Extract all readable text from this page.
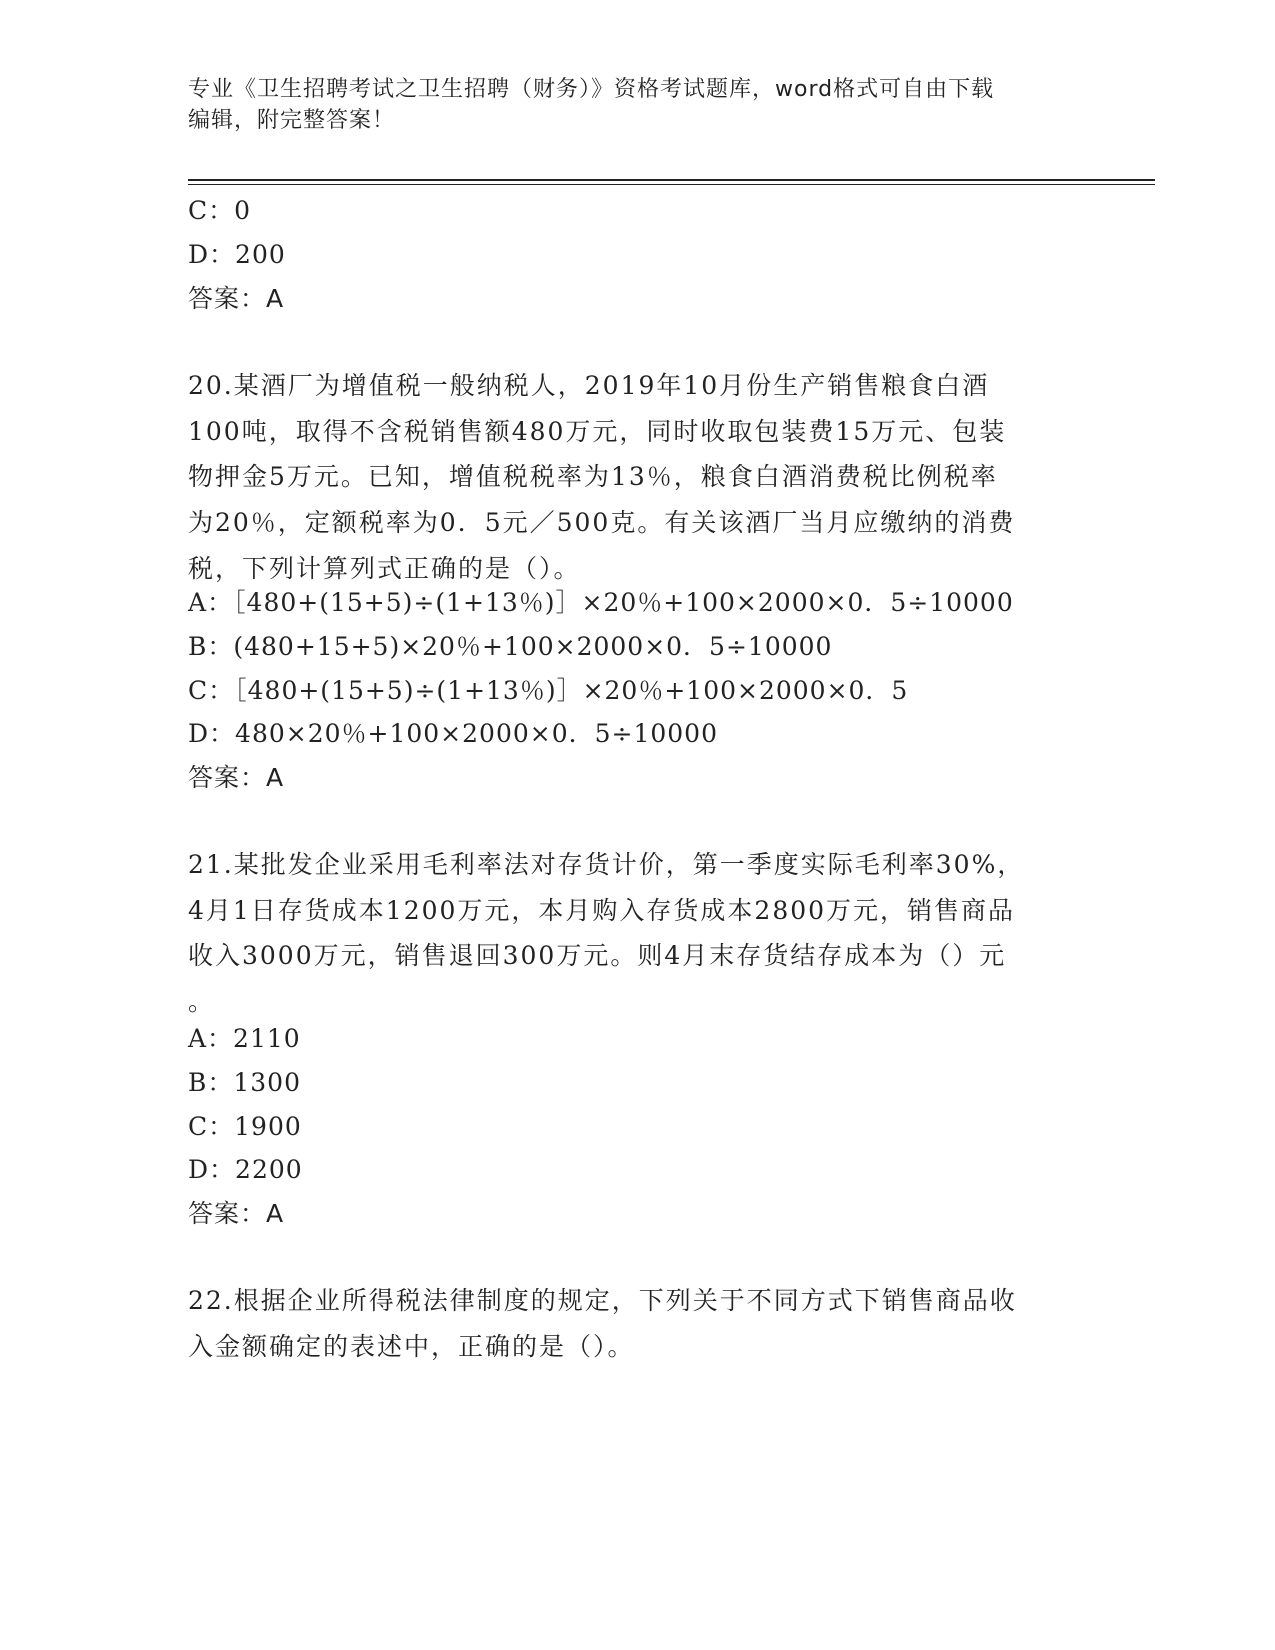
专业《卫生招聘考试之卫生招聘（财务）》资格考试题库，word格式可自由下载
编辑，附完整答案！
C：0
D：200
答案：A
20.某酒厂为增值税一般纳税人，2019年10月份生产销售粮食白酒
100吨，取得不含税销售额480万元，同时收取包装费15万元、包装
物押金5万元。已知，增值税税率为13％，粮食白酒消费税比例税率
为20％，定额税率为0．5元／500克。有关该酒厂当月应缴纳的消费
税，下列计算列式正确的是（）。
A：［480+(15+5)÷(1+13％)］×20％+100×2000×0．5÷10000
B：(480+15+5)×20％+100×2000×0．5÷10000
C：［480+(15+5)÷(1+13％)］×20％+100×2000×0．5
D：480×20％+100×2000×0．5÷10000
答案：A
21.某批发企业采用毛利率法对存货计价，第一季度实际毛利率30%，
4月1日存货成本1200万元，本月购入存货成本2800万元，销售商品
收入3000万元，销售退回300万元。则4月末存货结存成本为（）元
。
A：2110
B：1300
C：1900
D：2200
答案：A
22.根据企业所得税法律制度的规定，下列关于不同方式下销售商品收
入金额确定的表述中，正确的是（）。
